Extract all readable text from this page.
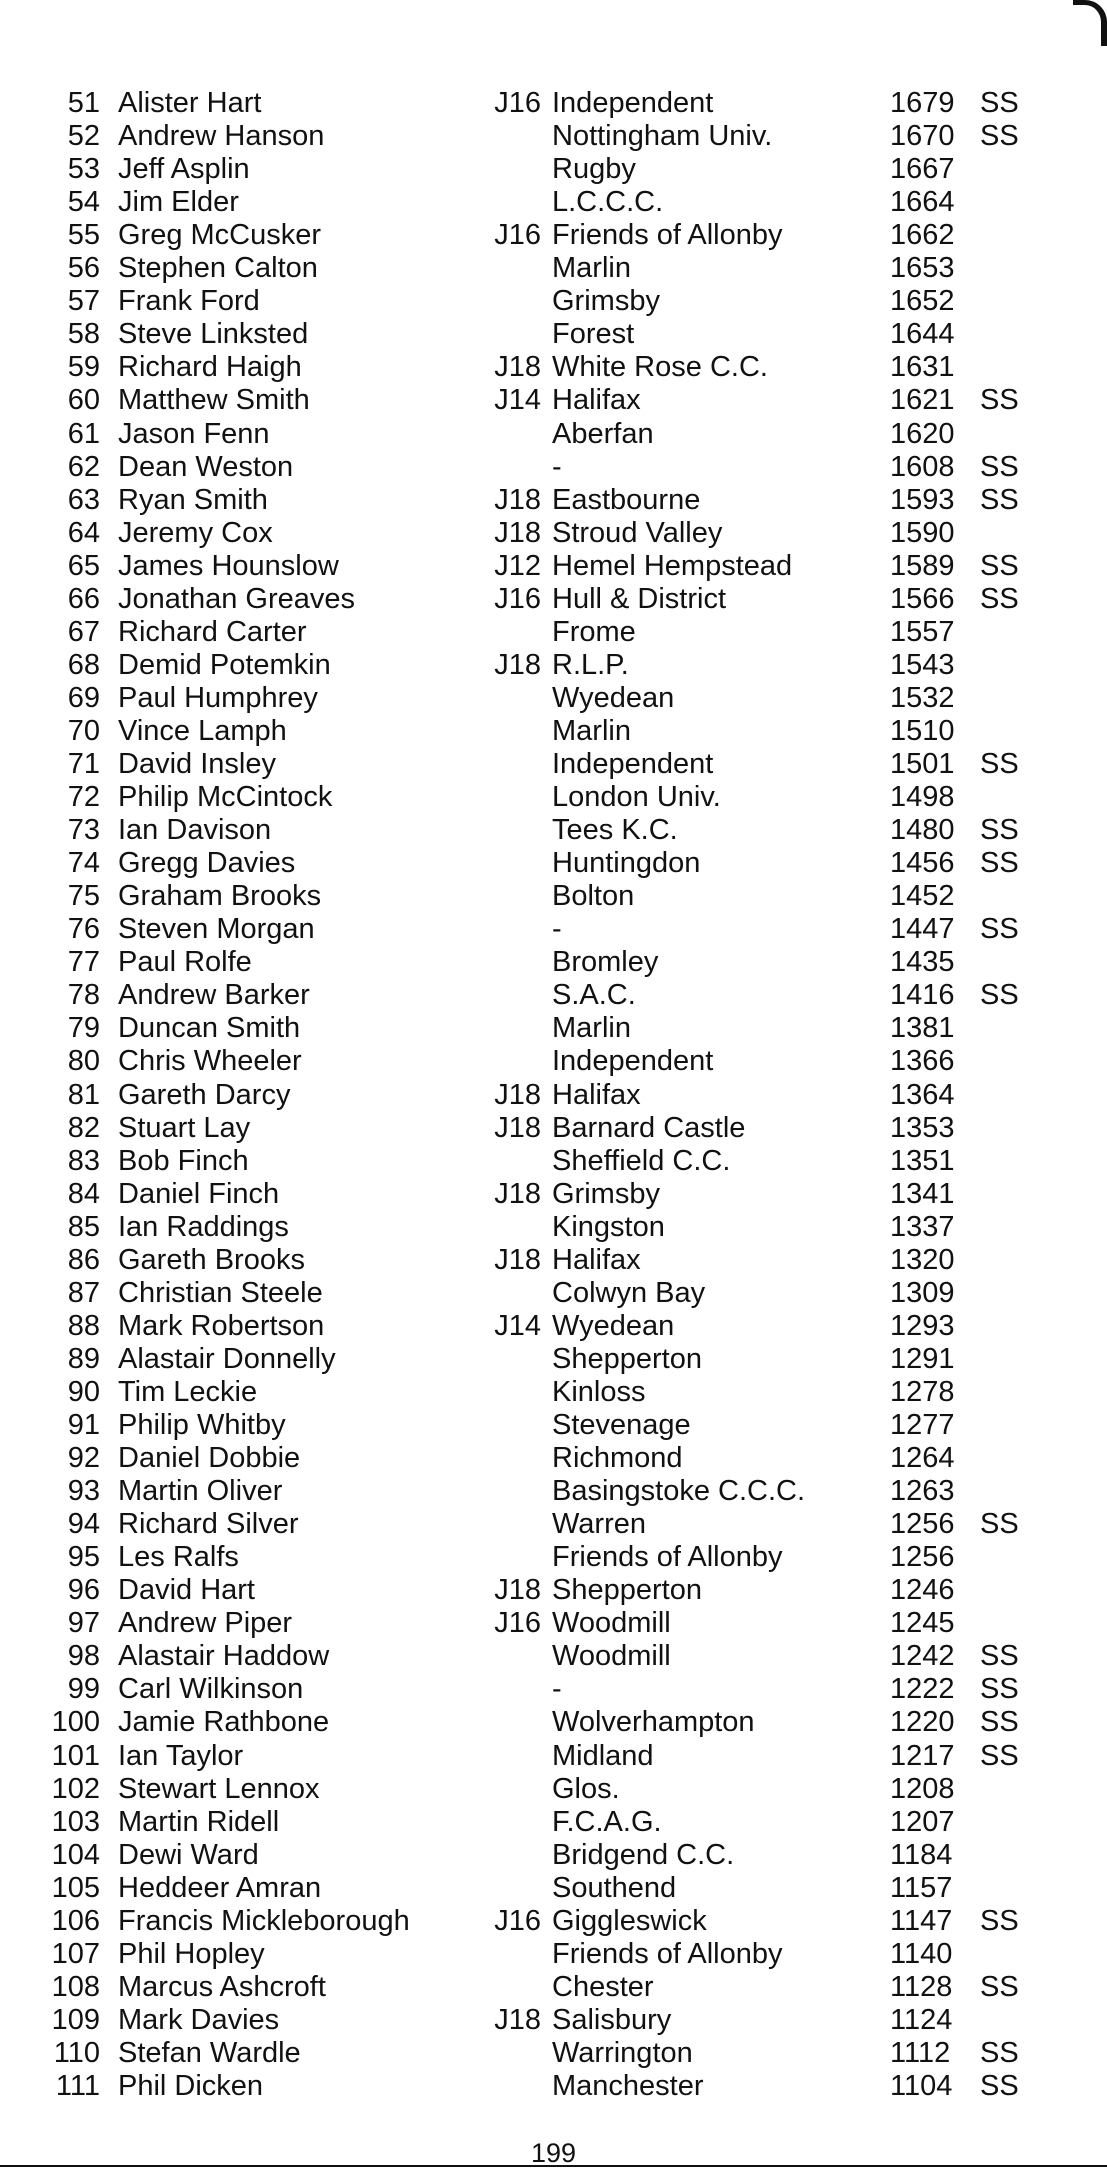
51 Alister Hart	J16 Independent	1679 SS
52 Andrew Hanson	Nottingham Univ.	1670 SS
53 Jeff Asplin	Rugby	1667
54 Jim Elder	L.C.C.C.	1664
55 Greg McCusker	J16 Friends of Allonby	1662
56 Stephen Calton	Marlin	1653
57 Frank Ford	Grimsby	1652
58 Steve Linksted	Forest	1644
59 Richard Haigh	J18 White Rose C.C.	1631
60 Matthew Smith	J14 Halifax	1621 SS
61 Jason Fenn	Aberfan	1620
62 Dean Weston	-	1608 SS
63 Ryan Smith	J18 Eastbourne	1593 SS
64 Jeremy Cox	J18 Stroud Valley	1590
65 James Hounslow	J12 Hemel Hempstead	1589 SS
66 Jonathan Greaves	J16 Hull & District	1566 SS
67 Richard Carter	Frome	1557
68 Demid Potemkin	J18 R.L.P.	1543
69 Paul Humphrey	Wyedean	1532
70 Vince Lamph	Marlin	1510
71 David Insley	Independent	1501 SS
72 Philip McCintock	London Univ.	1498
73 Ian Davison	Tees K.C.	1480 SS
74 Gregg Davies	Huntingdon	1456 SS
75 Graham Brooks	Bolton	1452
76 Steven Morgan	-	1447 SS
77 Paul Rolfe	Bromley	1435
78 Andrew Barker	S.A.C.	1416 SS
79 Duncan Smith	Marlin	1381
80 Chris Wheeler	Independent	1366
81 Gareth Darcy	J18 Halifax	1364
82 Stuart Lay	J18 Barnard Castle	1353
83 Bob Finch	Sheffield C.C.	1351
84 Daniel Finch	J18 Grimsby	1341
85 Ian Raddings	Kingston	1337
86 Gareth Brooks	J18 Halifax	1320
87 Christian Steele	Colwyn Bay	1309
88 Mark Robertson	J14 Wyedean	1293
89 Alastair Donnelly	Shepperton	1291
90 Tim Leckie	Kinloss	1278
91 Philip Whitby	Stevenage	1277
92 Daniel Dobbie	Richmond	1264
93 Martin Oliver	Basingstoke C.C.C.	1263
94 Richard Silver	Warren	1256 SS
95 Les Ralfs	Friends of Allonby	1256
96 David Hart	J18 Shepperton	1246
97 Andrew Piper	J16 Woodmill	1245
98 Alastair Haddow	Woodmill	1242 SS
99 Carl Wilkinson	-	1222 SS
100 Jamie Rathbone	Wolverhampton	1220 SS
101 Ian Taylor	Midland	1217 SS
102 Stewart Lennox	Glos.	1208
103 Martin Ridell	F.C.A.G.	1207
104 Dewi Ward	Bridgend C.C.	1184
105 Heddeer Amran	Southend	1157
106 Francis Mickleborough	J16 Giggleswick	1147 SS
107 Phil Hopley	Friends of Allonby	1140
108 Marcus Ashcroft	Chester	1128 SS
109 Mark Davies	J18 Salisbury	1124
110 Stefan Wardle	Warrington	1112 SS
111 Phil Dicken	Manchester	1104 SS
199
